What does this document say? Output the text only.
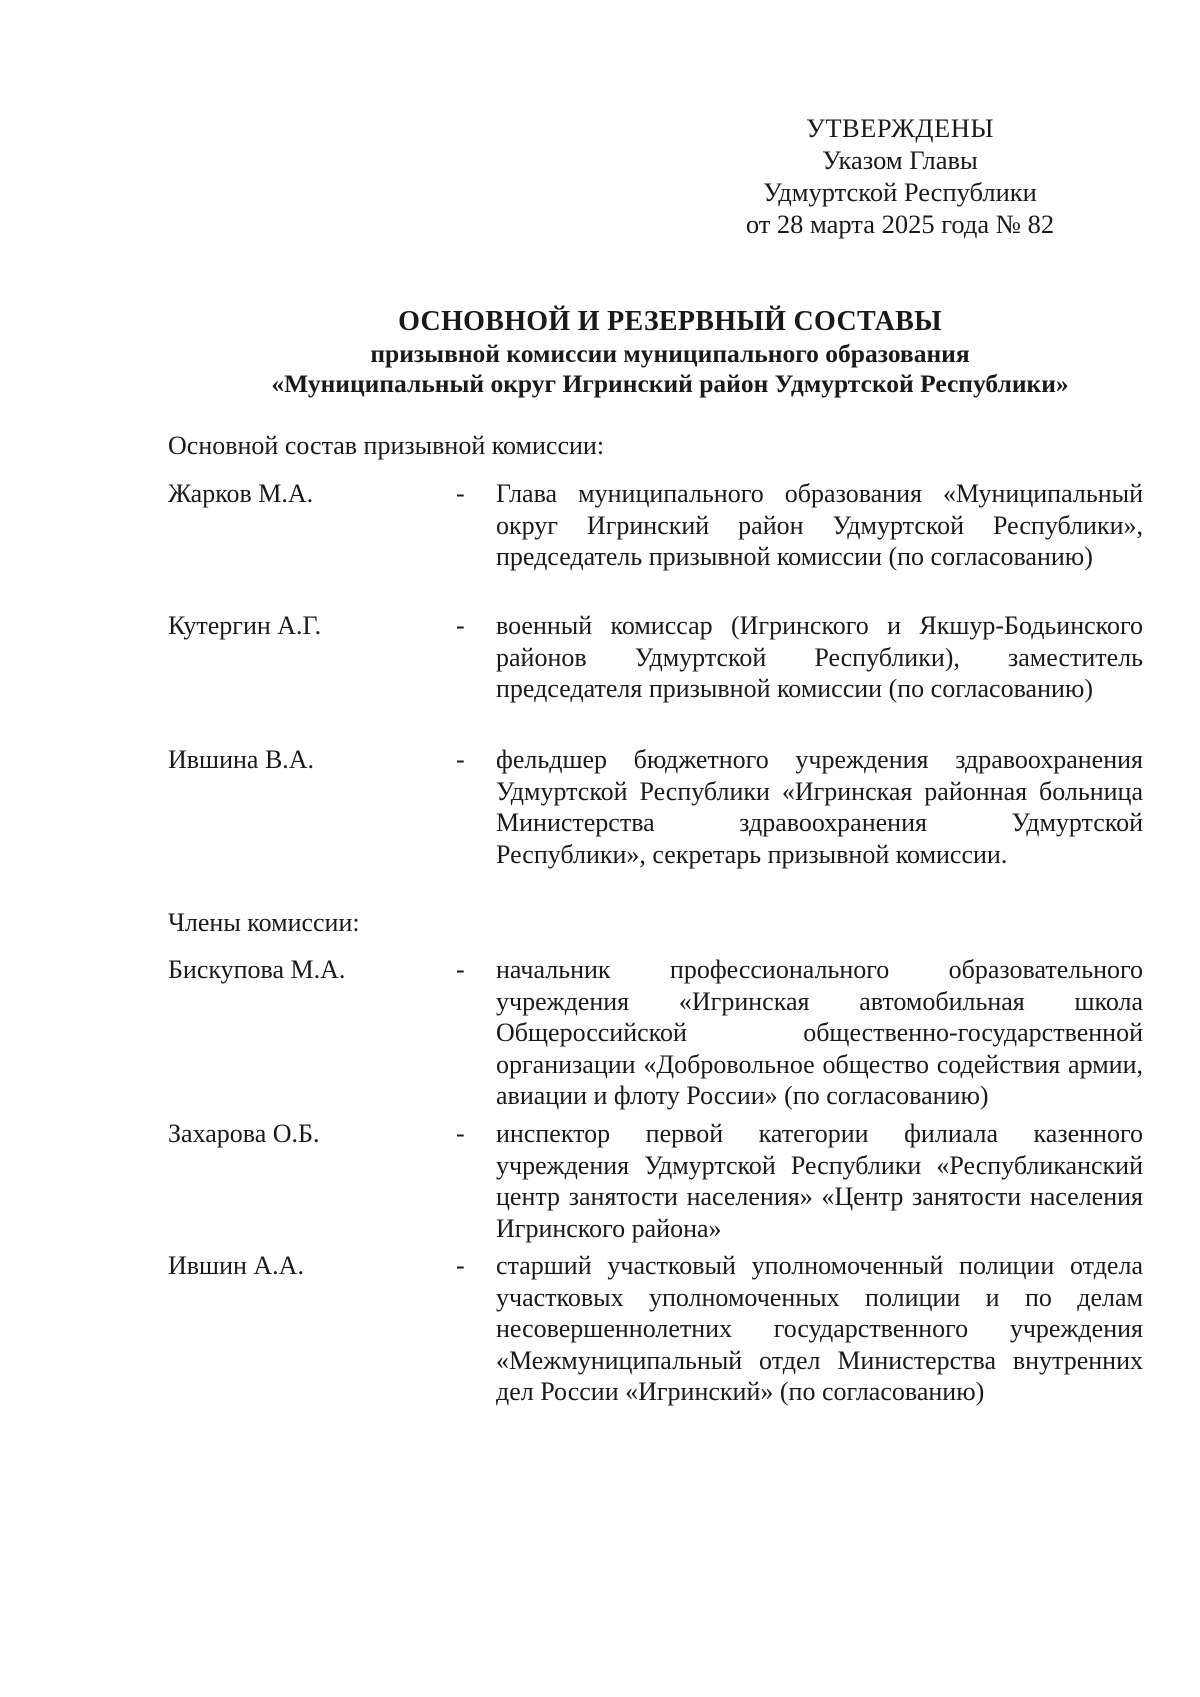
УТВЕРЖДЕНЫ
Указом Главы
Удмуртской Республики
от 28 марта 2025 года № 82
ОСНОВНОЙ И РЕЗЕРВНЫЙ СОСТАВЫ
призывной комиссии муниципального образования
«Муниципальный округ Игринский район Удмуртской Республики»
Основной состав призывной комиссии:
Жарков М.А.	-	Глава муниципального образования «Муниципальный округ Игринский район Удмуртской Республики», председатель призывной комиссии (по согласованию)
Кутергин А.Г.	-	военный комиссар (Игринского и Якшур-Бодьинского районов Удмуртской Республики), заместитель председателя призывной комиссии (по согласованию)
Ившина В.А.	-	фельдшер бюджетного учреждения здравоохранения Удмуртской Республики «Игринская районная больница Министерства здравоохранения Удмуртской Республики», секретарь призывной комиссии.
Члены комиссии:
Бискупова М.А.	-	начальник профессионального образовательного учреждения «Игринская автомобильная школа Общероссийской общественно-государственной организации «Добровольное общество содействия армии, авиации и флоту России» (по согласованию)
Захарова О.Б.	-	инспектор первой категории филиала казенного учреждения Удмуртской Республики «Республиканский центр занятости населения» «Центр занятости населения Игринского района»
Ившин А.А.	-	старший участковый уполномоченный полиции отдела участковых уполномоченных полиции и по делам несовершеннолетних государственного учреждения «Межмуниципальный отдел Министерства внутренних дел России «Игринский» (по согласованию)
